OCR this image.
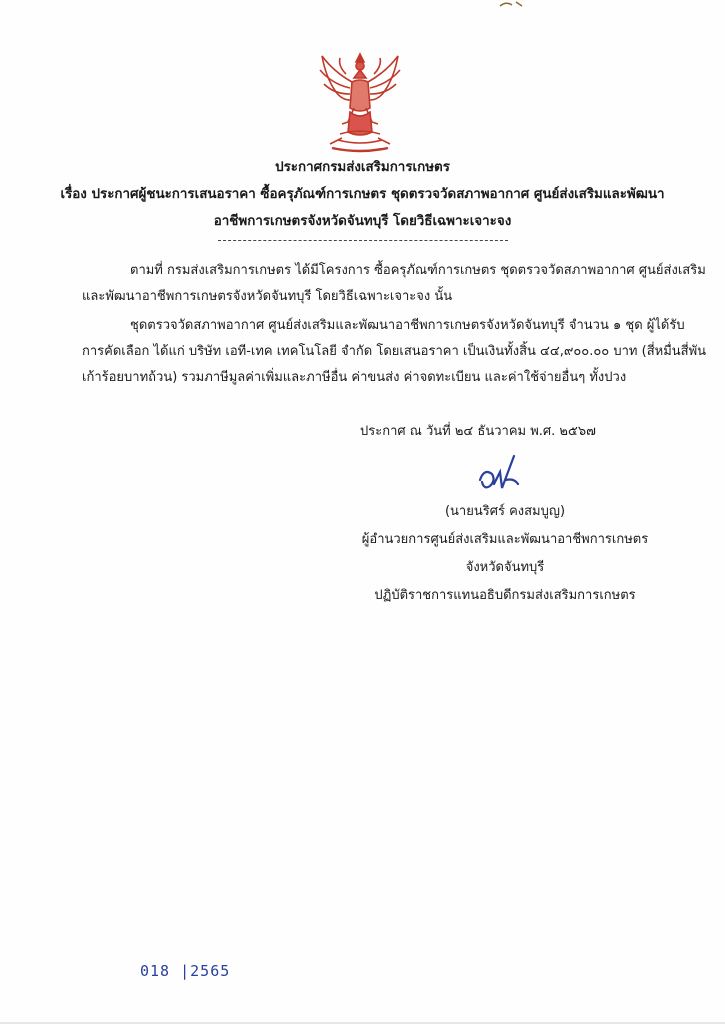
ประกาศกรมส่งเสริมการเกษตร
เรื่อง ประกาศผู้ชนะการเสนอราคา ซื้อครุภัณฑ์การเกษตร ชุดตรวจวัดสภาพอากาศ ศูนย์ส่งเสริมและพัฒนา
อาชีพการเกษตรจังหวัดจันทบุรี โดยวิธีเฉพาะเจาะจง
ตามที่ กรมส่งเสริมการเกษตร ได้มีโครงการ ซื้อครุภัณฑ์การเกษตร ชุดตรวจวัดสภาพอากาศ ศูนย์ส่งเสริม
และพัฒนาอาชีพการเกษตรจังหวัดจันทบุรี โดยวิธีเฉพาะเจาะจง นั้น
ชุดตรวจวัดสภาพอากาศ ศูนย์ส่งเสริมและพัฒนาอาชีพการเกษตรจังหวัดจันทบุรี จำนวน ๑ ชุด ผู้ได้รับ
การคัดเลือก ได้แก่ บริษัท เอที-เทค เทคโนโลยี จำกัด โดยเสนอราคา เป็นเงินทั้งสิ้น ๔๔,๙๐๐.๐๐ บาท (สี่หมื่นสี่พัน
เก้าร้อยบาทถ้วน) รวมภาษีมูลค่าเพิ่มและภาษีอื่น ค่าขนส่ง ค่าจดทะเบียน และค่าใช้จ่ายอื่นๆ ทั้งปวง
ประกาศ ณ วันที่ ๒๔ ธันวาคม พ.ศ. ๒๕๖๗
(นายนริศร์ คงสมบูญ)
ผู้อำนวยการศูนย์ส่งเสริมและพัฒนาอาชีพการเกษตร
จังหวัดจันทบุรี
ปฏิบัติราชการแทนอธิบดีกรมส่งเสริมการเกษตร
018 |2565
